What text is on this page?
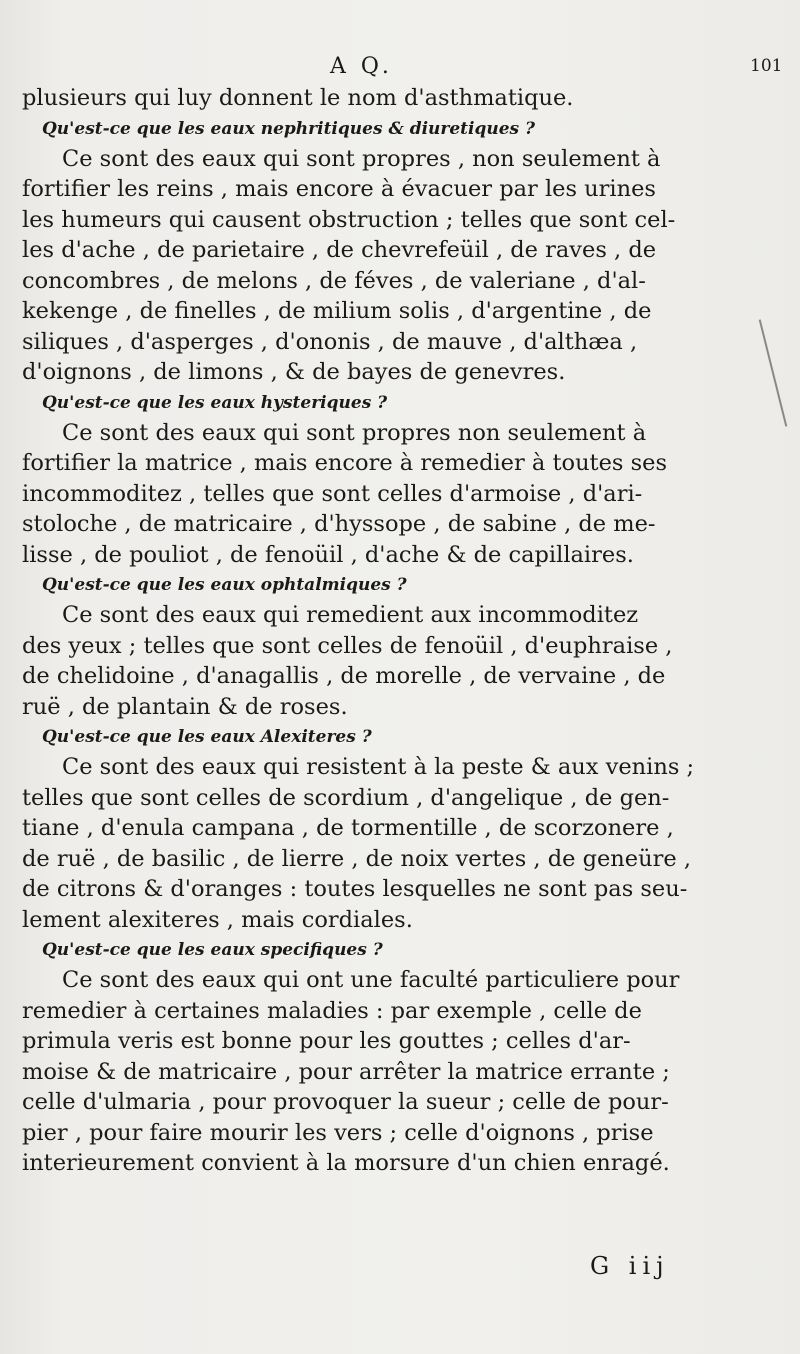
A Q.	101
plusieurs qui luy donnent le nom d'asthmatique.
Qu'est-ce que les eaux nephritiques & diuretiques ?
Ce sont des eaux qui sont propres , non seulement à
fortifier les reins , mais encore à évacuer par les urines
les humeurs qui causent obstruction ; telles que sont cel-
les d'ache , de parietaire , de chevrefeüil , de raves , de
concombres , de melons , de féves , de valeriane , d'al-
kekenge , de finelles , de milium solis , d'argentine , de
siliques , d'asperges , d'ononis , de mauve , d'althæa ,
d'oignons , de limons , & de bayes de genevres.
Qu'est-ce que les eaux hysteriques ?
Ce sont des eaux qui sont propres non seulement à
fortifier la matrice , mais encore à remedier à toutes ses
incommoditez , telles que sont celles d'armoise , d'ari-
stoloche , de matricaire , d'hyssope , de sabine , de me-
lisse , de pouliot , de fenoüil , d'ache & de capillaires.
Qu'est-ce que les eaux ophtalmiques ?
Ce sont des eaux qui remedient aux incommoditez
des yeux ; telles que sont celles de fenoüil , d'euphraise ,
de chelidoine , d'anagallis , de morelle , de vervaine , de
ruë , de plantain & de roses.
Qu'est-ce que les eaux Alexiteres ?
Ce sont des eaux qui resistent à la peste & aux venins ;
telles que sont celles de scordium , d'angelique , de gen-
tiane , d'enula campana , de tormentille , de scorzonere ,
de ruë , de basilic , de lierre , de noix vertes , de geneüre ,
de citrons & d'oranges : toutes lesquelles ne sont pas seu-
lement alexiteres , mais cordiales.
Qu'est-ce que les eaux specifiques ?
Ce sont des eaux qui ont une faculté particuliere pour
remedier à certaines maladies : par exemple , celle de
primula veris est bonne pour les gouttes ; celles d'ar-
moise & de matricaire , pour arrêter la matrice errante ;
celle d'ulmaria , pour provoquer la sueur ; celle de pour-
pier , pour faire mourir les vers ; celle d'oignons , prise
interieurement convient à la morsure d'un chien enragé.
G iij
